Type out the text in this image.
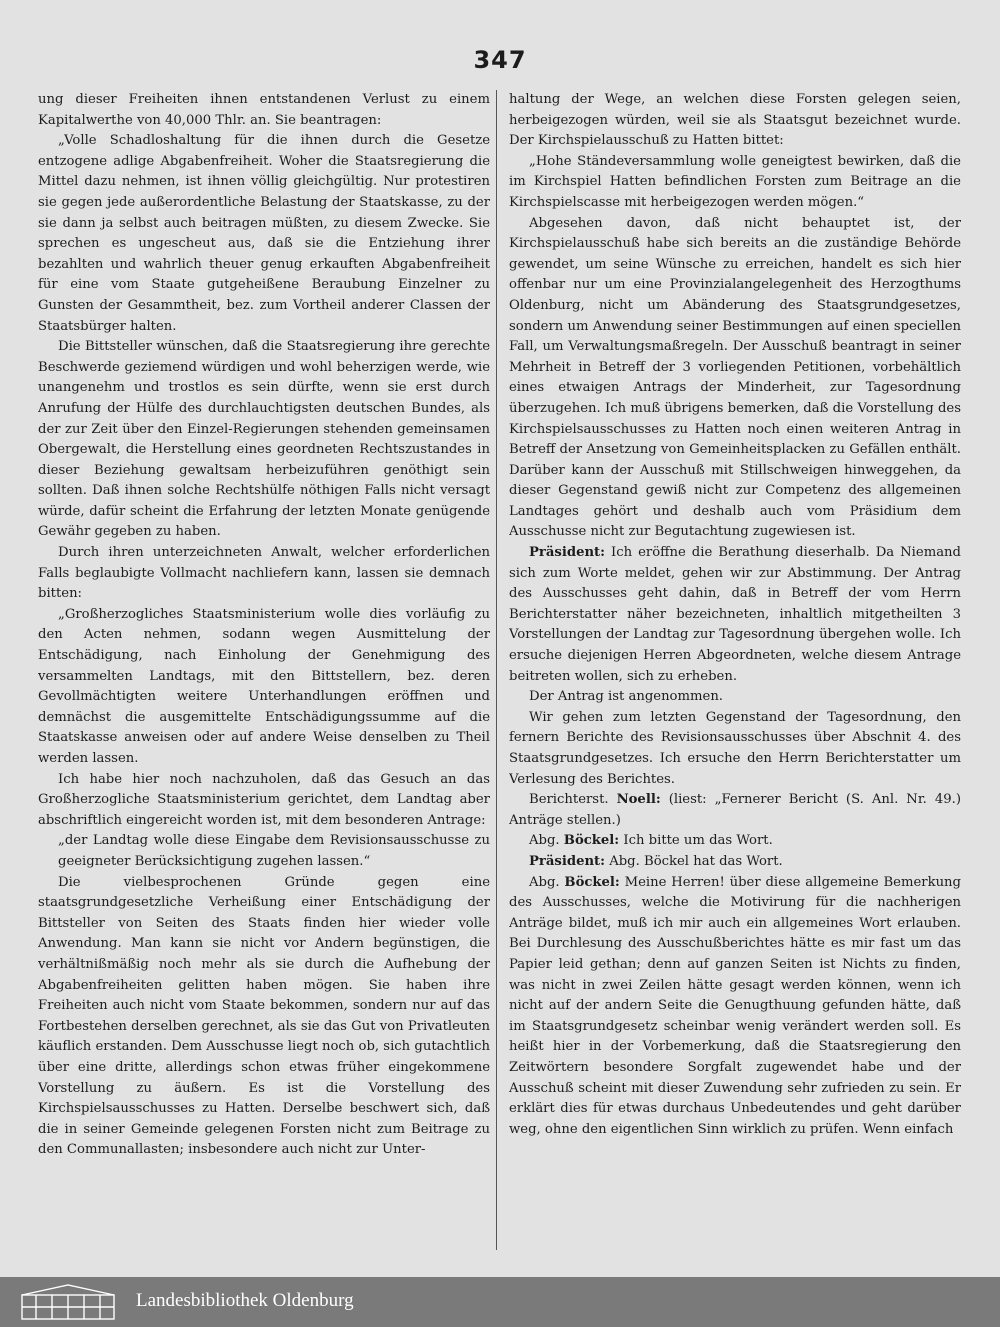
347

ung dieser Freiheiten ihnen entstandenen Verlust zu einem Kapitalwerthe von 40,000 Thlr. an. Sie beantragen:

„Volle Schadloshaltung für die ihnen durch die Gesetze entzogene adlige Abgabenfreiheit. Woher die Staatsregierung die Mittel dazu nehmen, ist ihnen völlig gleichgültig. Nur protestiren sie gegen jede außerordentliche Belastung der Staatskasse, zu der sie dann ja selbst auch beitragen müßten, zu diesem Zwecke. Sie sprechen es ungescheut aus, daß sie die Entziehung ihrer bezahlten und wahrlich theuer genug erkauften Abgabenfreiheit für eine vom Staate gutgeheißene Beraubung Einzelner zu Gunsten der Gesammtheit, bez. zum Vortheil anderer Classen der Staatsbürger halten.

Die Bittsteller wünschen, daß die Staatsregierung ihre gerechte Beschwerde geziemend würdigen und wohl beherzigen werde, wie unangenehm und trostlos es sein dürfte, wenn sie erst durch Anrufung der Hülfe des durchlauchtigsten deutschen Bundes, als der zur Zeit über den Einzel-Regierungen stehenden gemeinsamen Obergewalt, die Herstellung eines geordneten Rechtszustandes in dieser Beziehung gewaltsam herbeizuführen genöthigt sein sollten. Daß ihnen solche Rechtshülfe nöthigen Falls nicht versagt würde, dafür scheint die Erfahrung der letzten Monate genügende Gewähr gegeben zu haben.

Durch ihren unterzeichneten Anwalt, welcher erforderlichen Falls beglaubigte Vollmacht nachliefern kann, lassen sie demnach bitten:

„Großherzogliches Staatsministerium wolle dies vorläufig zu den Acten nehmen, sodann wegen Ausmittelung der Entschädigung, nach Einholung der Genehmigung des versammelten Landtags, mit den Bittstellern, bez. deren Gevollmächtigten weitere Unterhandlungen eröffnen und demnächst die ausgemittelte Entschädigungssumme auf die Staatskasse anweisen oder auf andere Weise denselben zu Theil werden lassen.

Ich habe hier noch nachzuholen, daß das Gesuch an das Großherzogliche Staatsministerium gerichtet, dem Landtag aber abschriftlich eingereicht worden ist, mit dem besonderen Antrage:

„der Landtag wolle diese Eingabe dem Revisionsausschusse zu geeigneter Berücksichtigung zugehen lassen.“

Die vielbesprochenen Gründe gegen eine staatsgrundgesetzliche Verheißung einer Entschädigung der Bittsteller von Seiten des Staats finden hier wieder volle Anwendung. Man kann sie nicht vor Andern begünstigen, die verhältnißmäßig noch mehr als sie durch die Aufhebung der Abgabenfreiheiten gelitten haben mögen. Sie haben ihre Freiheiten auch nicht vom Staate bekommen, sondern nur auf das Fortbestehen derselben gerechnet, als sie das Gut von Privatleuten käuflich erstanden. Dem Ausschusse liegt noch ob, sich gutachtlich über eine dritte, allerdings schon etwas früher eingekommene Vorstellung zu äußern. Es ist die Vorstellung des Kirchspielsausschusses zu Hatten. Derselbe beschwert sich, daß die in seiner Gemeinde gelegenen Forsten nicht zum Beitrage zu den Communallasten; insbesondere auch nicht zur Unter-

haltung der Wege, an welchen diese Forsten gelegen seien, herbeigezogen würden, weil sie als Staatsgut bezeichnet wurde. Der Kirchspielausschuß zu Hatten bittet:

„Hohe Ständeversammlung wolle geneigtest bewirken, daß die im Kirchspiel Hatten befindlichen Forsten zum Beitrage an die Kirchspielscasse mit herbeigezogen werden mögen.“

Abgesehen davon, daß nicht behauptet ist, der Kirchspielausschuß habe sich bereits an die zuständige Behörde gewendet, um seine Wünsche zu erreichen, handelt es sich hier offenbar nur um eine Provinzialangelegenheit des Herzogthums Oldenburg, nicht um Abänderung des Staatsgrundgesetzes, sondern um Anwendung seiner Bestimmungen auf einen speciellen Fall, um Verwaltungsmaßregeln. Der Ausschuß beantragt in seiner Mehrheit in Betreff der 3 vorliegenden Petitionen, vorbehältlich eines etwaigen Antrags der Minderheit, zur Tagesordnung überzugehen. Ich muß übrigens bemerken, daß die Vorstellung des Kirchspielsausschusses zu Hatten noch einen weiteren Antrag in Betreff der Ansetzung von Gemeinheitsplacken zu Gefällen enthält. Darüber kann der Ausschuß mit Stillschweigen hinweggehen, da dieser Gegenstand gewiß nicht zur Competenz des allgemeinen Landtages gehört und deshalb auch vom Präsidium dem Ausschusse nicht zur Begutachtung zugewiesen ist.

Präsident: Ich eröffne die Berathung dieserhalb. Da Niemand sich zum Worte meldet, gehen wir zur Abstimmung. Der Antrag des Ausschusses geht dahin, daß in Betreff der vom Herrn Berichterstatter näher bezeichneten, inhaltlich mitgetheilten 3 Vorstellungen der Landtag zur Tagesordnung übergehen wolle. Ich ersuche diejenigen Herren Abgeordneten, welche diesem Antrage beitreten wollen, sich zu erheben.

Der Antrag ist angenommen.

Wir gehen zum letzten Gegenstand der Tagesordnung, den fernern Berichte des Revisionsausschusses über Abschnit 4. des Staatsgrundgesetzes. Ich ersuche den Herrn Berichterstatter um Verlesung des Berichtes.

Berichterst. Noell: (liest: „Fernerer Bericht (S. Anl. Nr. 49.) Anträge stellen.)

Abg. Böckel: Ich bitte um das Wort.

Präsident: Abg. Böckel hat das Wort.

Abg. Böckel: Meine Herren! über diese allgemeine Bemerkung des Ausschusses, welche die Motivirung für die nachherigen Anträge bildet, muß ich mir auch ein allgemeines Wort erlauben. Bei Durchlesung des Ausschußberichtes hätte es mir fast um das Papier leid gethan; denn auf ganzen Seiten ist Nichts zu finden, was nicht in zwei Zeilen hätte gesagt werden können, wenn ich nicht auf der andern Seite die Genugthuung gefunden hätte, daß im Staatsgrundgesetz scheinbar wenig verändert werden soll. Es heißt hier in der Vorbemerkung, daß die Staatsregierung den Zeitwörtern besondere Sorgfalt zugewendet habe und der Ausschuß scheint mit dieser Zuwendung sehr zufrieden zu sein. Er erklärt dies für etwas durchaus Unbedeutendes und geht darüber weg, ohne den eigentlichen Sinn wirklich zu prüfen. Wenn einfach

Landesbibliothek Oldenburg
